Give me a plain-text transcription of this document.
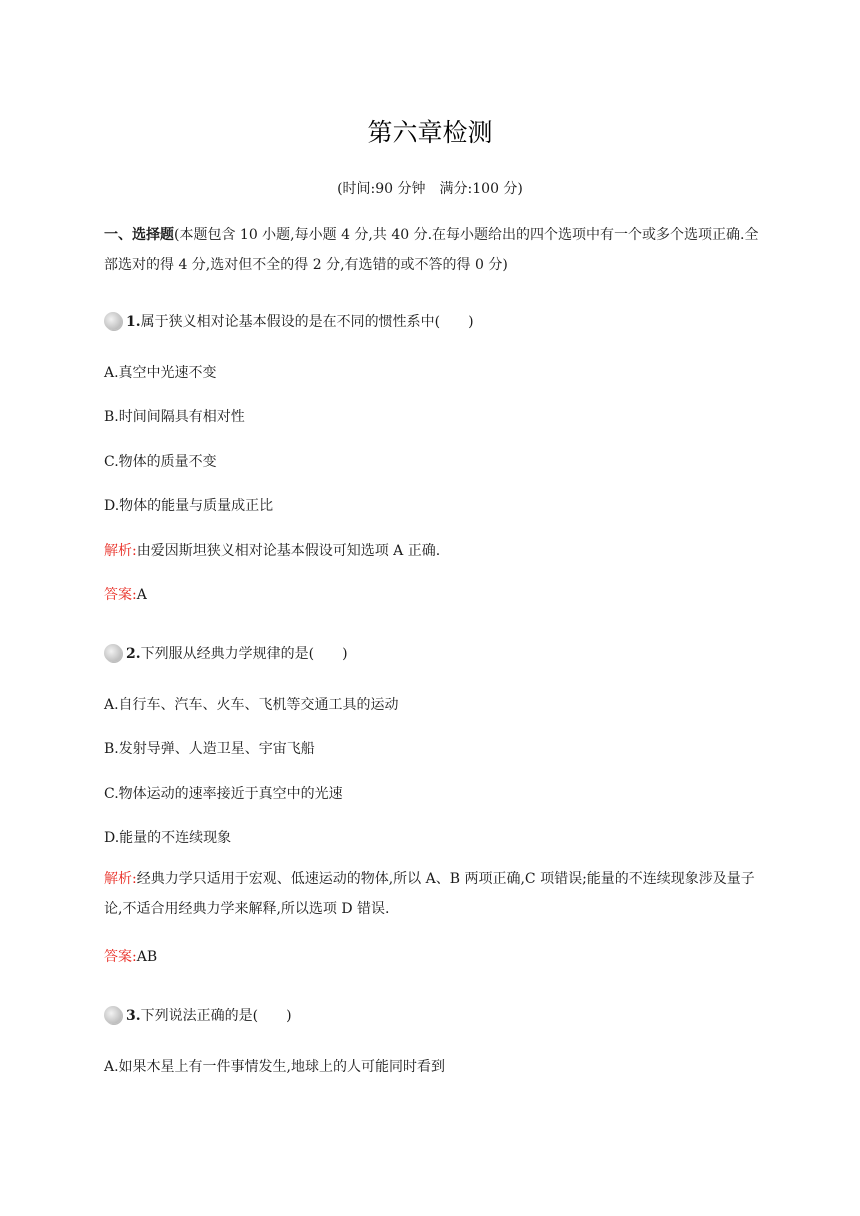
第六章检测
(时间:90 分钟　满分:100 分)
一、选择题(本题包含 10 小题,每小题 4 分,共 40 分.在每小题给出的四个选项中有一个或多个选项正确.全部选对的得 4 分,选对但不全的得 2 分,有选错的或不答的得 0 分)
1.属于狭义相对论基本假设的是在不同的惯性系中(　　)
A.真空中光速不变
B.时间间隔具有相对性
C.物体的质量不变
D.物体的能量与质量成正比
解析:由爱因斯坦狭义相对论基本假设可知选项 A 正确.
答案:A
2.下列服从经典力学规律的是(　　)
A.自行车、汽车、火车、飞机等交通工具的运动
B.发射导弹、人造卫星、宇宙飞船
C.物体运动的速率接近于真空中的光速
D.能量的不连续现象
解析:经典力学只适用于宏观、低速运动的物体,所以 A、B 两项正确,C 项错误;能量的不连续现象涉及量子论,不适合用经典力学来解释,所以选项 D 错误.
答案:AB
3.下列说法正确的是(　　)
A.如果木星上有一件事情发生,地球上的人可能同时看到
